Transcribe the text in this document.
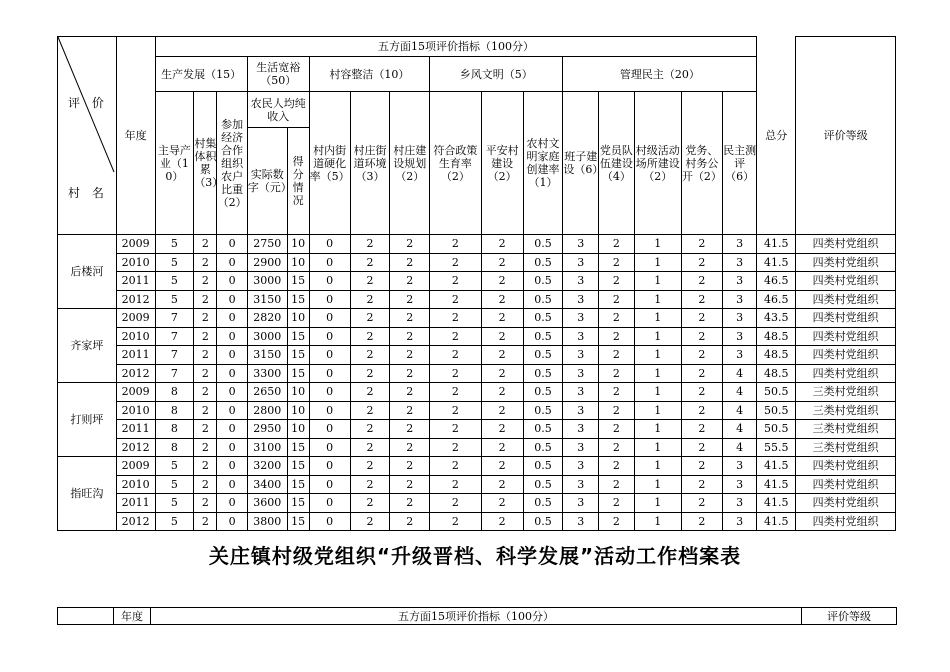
评 价
村 名	年度	五方面15项评价指标（100分）																总分	评价等级
		生产发展（15）			生活宽裕（50）		村容整洁（10）			乡风文明（5）			管理民主（20）						
		主导产业（10）	村集体积累（3）	参加经济合作组织农户比重（2）	农民人均纯收入		村内街道硬化率（5）	村庄街道环境（3）	村庄建设规划（2）	符合政策生育率（2）	平安村建设（2）	农村文明家庭创建率（1）	班子建设（6）	党员队伍建设（4）	村级活动场所建设（2）	党务、村务公开（2）	民主测评（6）		
					实际数字（元）	得分情况													
后楼河	2009	5	2	0	2750	10	0	2	2	2	2	0.5	3	2	1	2	3	41.5	四类村党组织
	2010	5	2	0	2900	10	0	2	2	2	2	0.5	3	2	1	2	3	41.5	四类村党组织
	2011	5	2	0	3000	15	0	2	2	2	2	0.5	3	2	1	2	3	46.5	四类村党组织
	2012	5	2	0	3150	15	0	2	2	2	2	0.5	3	2	1	2	3	46.5	四类村党组织
齐家坪	2009	7	2	0	2820	10	0	2	2	2	2	0.5	3	2	1	2	3	43.5	四类村党组织
	2010	7	2	0	3000	15	0	2	2	2	2	0.5	3	2	1	2	3	48.5	四类村党组织
	2011	7	2	0	3150	15	0	2	2	2	2	0.5	3	2	1	2	3	48.5	四类村党组织
	2012	7	2	0	3300	15	0	2	2	2	2	0.5	3	2	1	2	4	48.5	四类村党组织
打则坪	2009	8	2	0	2650	10	0	2	2	2	2	0.5	3	2	1	2	4	50.5	三类村党组织
	2010	8	2	0	2800	10	0	2	2	2	2	0.5	3	2	1	2	4	50.5	三类村党组织
	2011	8	2	0	2950	10	0	2	2	2	2	0.5	3	2	1	2	4	50.5	三类村党组织
	2012	8	2	0	3100	15	0	2	2	2	2	0.5	3	2	1	2	4	55.5	三类村党组织
指旺沟	2009	5	2	0	3200	15	0	2	2	2	2	0.5	3	2	1	2	3	41.5	四类村党组织
	2010	5	2	0	3400	15	0	2	2	2	2	0.5	3	2	1	2	3	41.5	四类村党组织
	2011	5	2	0	3600	15	0	2	2	2	2	0.5	3	2	1	2	3	41.5	四类村党组织
	2012	5	2	0	3800	15	0	2	2	2	2	0.5	3	2	1	2	3	41.5	四类村党组织
关庄镇村级党组织“升级晋档、科学发展”活动工作档案表
	年度	五方面15项评价指标（100分）	评价等级
